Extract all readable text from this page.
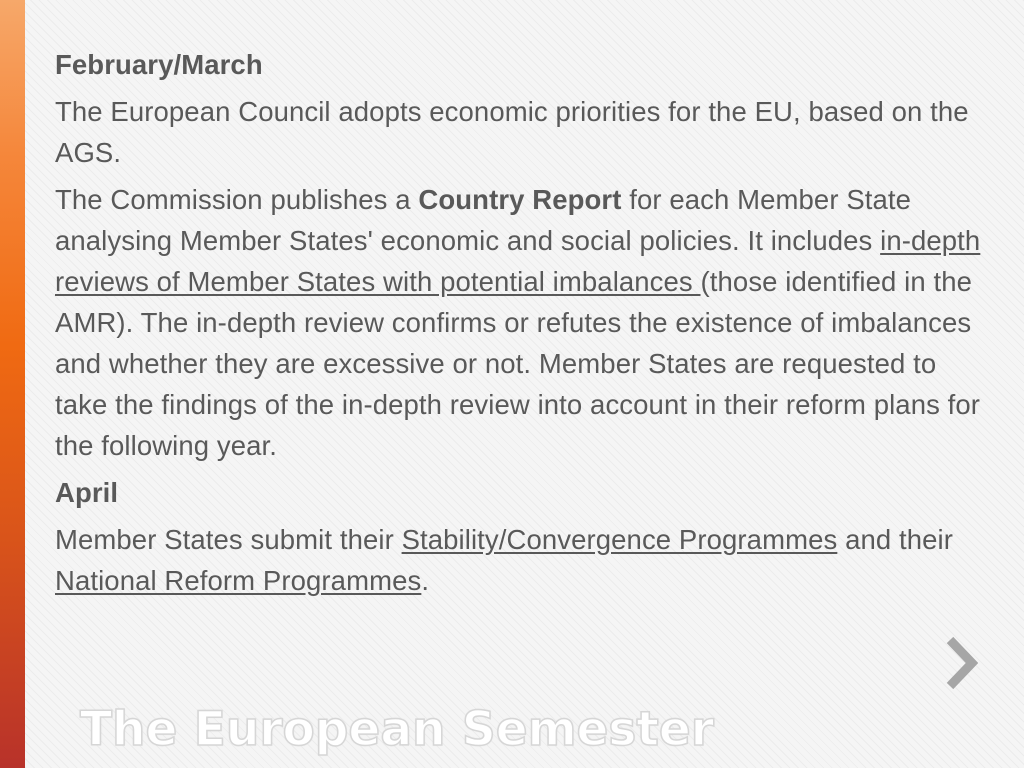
February/March

The European Council adopts economic priorities for the EU, based on the AGS.

The Commission publishes a Country Report for each Member State analysing Member States' economic and social policies. It includes in-depth reviews of Member States with potential imbalances (those identified in the AMR). The in-depth review confirms or refutes the existence of imbalances and whether they are excessive or not. Member States are requested to take the findings of the in-depth review into account in their reform plans for the following year.

April

Member States submit their Stability/Convergence Programmes and their National Reform Programmes.

The European Semester
